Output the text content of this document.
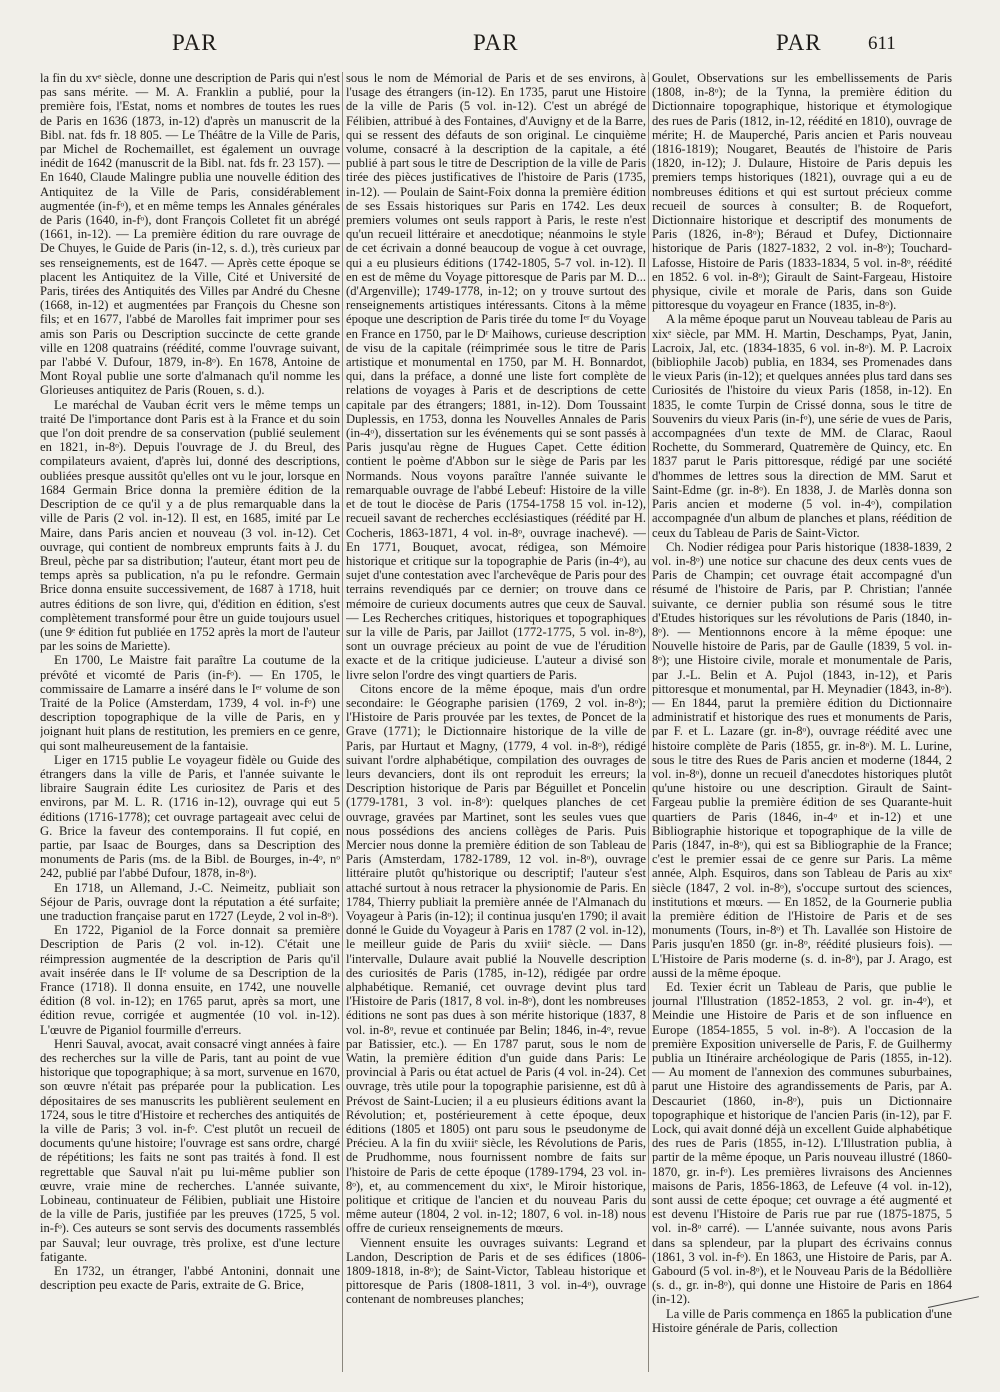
PAR	PAR	PAR 611

la fin du xvᵉ siècle, donne une description de Paris qui n'est pas sans mérite. — M. A. Franklin a publié, pour la première fois, l'Estat, noms et nombres de toutes les rues de Paris en 1636 (1873, in-12) d'après un manuscrit de la Bibl. nat. fds fr. 18 805. — Le Théâtre de la Ville de Paris, par Michel de Rochemaillet, est également un ouvrage inédit de 1642 (manuscrit de la Bibl. nat. fds fr. 23 157). — En 1640, Claude Malingre publia une nouvelle édition des Antiquitez de la Ville de Paris, considérablement augmentée (in-fᵒ), et en même temps les Annales générales de Paris (1640, in-fᵒ), dont François Colletet fit un abrégé (1661, in-12). — La première édition du rare ouvrage de De Chuyes, le Guide de Paris (in-12, s. d.), très curieux par ses renseignements, est de 1647. — Après cette époque se placent les Antiquitez de la Ville, Cité et Université de Paris, tirées des Antiquités des Villes par André du Chesne (1668, in-12) et augmentées par François du Chesne son fils; et en 1677, l'abbé de Marolles fait imprimer pour ses amis son Paris ou Description succincte de cette grande ville en 1208 quatrains (réédité, comme l'ouvrage suivant, par l'abbé V. Dufour, 1879, in-8ᵒ). En 1678, Antoine de Mont Royal publie une sorte d'almanach qu'il nomme les Glorieuses antiquitez de Paris (Rouen, s. d.).

Le maréchal de Vauban écrit vers le même temps un traité De l'importance dont Paris est à la France et du soin que l'on doit prendre de sa conservation (publié seulement en 1821, in-8ᵒ). Depuis l'ouvrage de J. du Breul, des compilateurs avaient, d'après lui, donné des descriptions, oubliées presque aussitôt qu'elles ont vu le jour, lorsque en 1684 Germain Brice donna la première édition de la Description de ce qu'il y a de plus remarquable dans la ville de Paris (2 vol. in-12). Il est, en 1685, imité par Le Maire, dans Paris ancien et nouveau (3 vol. in-12). Cet ouvrage, qui contient de nombreux emprunts faits à J. du Breul, pèche par sa distribution; l'auteur, étant mort peu de temps après sa publication, n'a pu le refondre. Germain Brice donna ensuite successivement, de 1687 à 1718, huit autres éditions de son livre, qui, d'édition en édition, s'est complètement transformé pour être un guide toujours usuel (une 9ᵉ édition fut publiée en 1752 après la mort de l'auteur par les soins de Mariette).

En 1700, Le Maistre fait paraître La coutume de la prévôté et vicomté de Paris (in-fᵒ). — En 1705, le commissaire de Lamarre a inséré dans le Iᵉʳ volume de son Traité de la Police (Amsterdam, 1739, 4 vol. in-fᵒ) une description topographique de la ville de Paris, en y joignant huit plans de restitution, les premiers en ce genre, qui sont malheureusement de la fantaisie.

Liger en 1715 publie Le voyageur fidèle ou Guide des étrangers dans la ville de Paris, et l'année suivante le libraire Saugrain édite Les curiositez de Paris et des environs, par M. L. R. (1716 in-12), ouvrage qui eut 5 éditions (1716-1778); cet ouvrage partageait avec celui de G. Brice la faveur des contemporains. Il fut copié, en partie, par Isaac de Bourges, dans sa Description des monuments de Paris (ms. de la Bibl. de Bourges, in-4ᵒ, nᵒ 242, publié par l'abbé Dufour, 1878, in-8ᵒ).

En 1718, un Allemand, J.-C. Neimeitz, publiait son Séjour de Paris, ouvrage dont la réputation a été surfaite; une traduction française parut en 1727 (Leyde, 2 vol in-8ᵒ).

En 1722, Piganiol de la Force donnait sa première Description de Paris (2 vol. in-12). C'était une réimpression augmentée de la description de Paris qu'il avait insérée dans le IIᵉ volume de sa Description de la France (1718). Il donna ensuite, en 1742, une nouvelle édition (8 vol. in-12); en 1765 parut, après sa mort, une édition revue, corrigée et augmentée (10 vol. in-12). L'œuvre de Piganiol fourmille d'erreurs.

Henri Sauval, avocat, avait consacré vingt années à faire des recherches sur la ville de Paris, tant au point de vue historique que topographique; à sa mort, survenue en 1670, son œuvre n'était pas préparée pour la publication. Les dépositaires de ses manuscrits les publièrent seulement en 1724, sous le titre d'Histoire et recherches des antiquités de la ville de Paris; 3 vol. in-fᵒ. C'est plutôt un recueil de documents qu'une histoire; l'ouvrage est sans ordre, chargé de répétitions; les faits ne sont pas traités à fond. Il est regrettable que Sauval n'ait pu lui-même publier son œuvre, vraie mine de recherches. L'année suivante, Lobineau, continuateur de Félibien, publiait une Histoire de la ville de Paris, justifiée par les preuves (1725, 5 vol. in-fᵒ). Ces auteurs se sont servis des documents rassemblés par Sauval; leur ouvrage, très prolixe, est d'une lecture fatigante.

En 1732, un étranger, l'abbé Antonini, donnait une description peu exacte de Paris, extraite de G. Brice,

sous le nom de Mémorial de Paris et de ses environs, à l'usage des étrangers (in-12). En 1735, parut une Histoire de la ville de Paris (5 vol. in-12). C'est un abrégé de Félibien, attribué à des Fontaines, d'Auvigny et de la Barre, qui se ressent des défauts de son original. Le cinquième volume, consacré à la description de la capitale, a été publié à part sous le titre de Description de la ville de Paris tirée des pièces justificatives de l'histoire de Paris (1735, in-12). — Poulain de Saint-Foix donna la première édition de ses Essais historiques sur Paris en 1742. Les deux premiers volumes ont seuls rapport à Paris, le reste n'est qu'un recueil littéraire et anecdotique; néanmoins le style de cet écrivain a donné beaucoup de vogue à cet ouvrage, qui a eu plusieurs éditions (1742-1805, 5-7 vol. in-12). Il en est de même du Voyage pittoresque de Paris par M. D... (d'Argenville); 1749-1778, in-12; on y trouve surtout des renseignements artistiques intéressants. Citons à la même époque une description de Paris tirée du tome Iᵉʳ du Voyage en France en 1750, par le Dʳ Maihows, curieuse description de visu de la capitale (réimprimée sous le titre de Paris artistique et monumental en 1750, par M. H. Bonnardot, qui, dans la préface, a donné une liste fort complète de relations de voyages à Paris et de descriptions de cette capitale par des étrangers; 1881, in-12). Dom Toussaint Duplessis, en 1753, donna les Nouvelles Annales de Paris (in-4ᵒ), dissertation sur les événements qui se sont passés à Paris jusqu'au règne de Hugues Capet. Cette édition contient le poème d'Abbon sur le siège de Paris par les Normands. Nous voyons paraître l'année suivante le remarquable ouvrage de l'abbé Lebeuf: Histoire de la ville et de tout le diocèse de Paris (1754-1758 15 vol. in-12), recueil savant de recherches ecclésiastiques (réédité par H. Cocheris, 1863-1871, 4 vol. in-8ᵒ, ouvrage inachevé). — En 1771, Bouquet, avocat, rédigea, son Mémoire historique et critique sur la topographie de Paris (in-4ᵒ), au sujet d'une contestation avec l'archevêque de Paris pour des terrains revendiqués par ce dernier; on trouve dans ce mémoire de curieux documents autres que ceux de Sauval. — Les Recherches critiques, historiques et topographiques sur la ville de Paris, par Jaillot (1772-1775, 5 vol. in-8ᵒ), sont un ouvrage précieux au point de vue de l'érudition exacte et de la critique judicieuse. L'auteur a divisé son livre selon l'ordre des vingt quartiers de Paris.

Citons encore de la même époque, mais d'un ordre secondaire: le Géographe parisien (1769, 2 vol. in-8ᵒ); l'Histoire de Paris prouvée par les textes, de Poncet de la Grave (1771); le Dictionnaire historique de la ville de Paris, par Hurtaut et Magny, (1779, 4 vol. in-8ᵒ), rédigé suivant l'ordre alphabétique, compilation des ouvrages de leurs devanciers, dont ils ont reproduit les erreurs; la Description historique de Paris par Béguillet et Poncelin (1779-1781, 3 vol. in-8ᵒ): quelques planches de cet ouvrage, gravées par Martinet, sont les seules vues que nous possédions des anciens collèges de Paris. Puis Mercier nous donne la première édition de son Tableau de Paris (Amsterdam, 1782-1789, 12 vol. in-8ᵒ), ouvrage littéraire plutôt qu'historique ou descriptif; l'auteur s'est attaché surtout à nous retracer la physionomie de Paris. En 1784, Thierry publiait la première année de l'Almanach du Voyageur à Paris (in-12); il continua jusqu'en 1790; il avait donné le Guide du Voyageur à Paris en 1787 (2 vol. in-12), le meilleur guide de Paris du xviiiᵉ siècle. — Dans l'intervalle, Dulaure avait publié la Nouvelle description des curiosités de Paris (1785, in-12), rédigée par ordre alphabétique. Remanié, cet ouvrage devint plus tard l'Histoire de Paris (1817, 8 vol. in-8ᵒ), dont les nombreuses éditions ne sont pas dues à son mérite historique (1837, 8 vol. in-8ᵒ, revue et continuée par Belin; 1846, in-4ᵒ, revue par Batissier, etc.). — En 1787 parut, sous le nom de Watin, la première édition d'un guide dans Paris: Le provincial à Paris ou état actuel de Paris (4 vol. in-24). Cet ouvrage, très utile pour la topographie parisienne, est dû à Prévost de Saint-Lucien; il a eu plusieurs éditions avant la Révolution; et, postérieurement à cette époque, deux éditions (1805 et 1805) ont paru sous le pseudonyme de Précieu. A la fin du xviiiᵉ siècle, les Révolutions de Paris, de Prudhomme, nous fournissent nombre de faits sur l'histoire de Paris de cette époque (1789-1794, 23 vol. in-8ᵒ), et, au commencement du xixᵉ, le Miroir historique, politique et critique de l'ancien et du nouveau Paris du même auteur (1804, 2 vol. in-12; 1807, 6 vol. in-18) nous offre de curieux renseignements de mœurs.

Viennent ensuite les ouvrages suivants: Legrand et Landon, Description de Paris et de ses édifices (1806-1809-1818, in-8ᵒ); de Saint-Victor, Tableau historique et pittoresque de Paris (1808-1811, 3 vol. in-4ᵒ), ouvrage contenant de nombreuses planches;

Goulet, Observations sur les embellissements de Paris (1808, in-8ᵒ); de la Tynna, la première édition du Dictionnaire topographique, historique et étymologique des rues de Paris (1812, in-12, réédité en 1810), ouvrage de mérite; H. de Mauperché, Paris ancien et Paris nouveau (1816-1819); Nougaret, Beautés de l'histoire de Paris (1820, in-12); J. Dulaure, Histoire de Paris depuis les premiers temps historiques (1821), ouvrage qui a eu de nombreuses éditions et qui est surtout précieux comme recueil de sources à consulter; B. de Roquefort, Dictionnaire historique et descriptif des monuments de Paris (1826, in-8ᵒ); Béraud et Dufey, Dictionnaire historique de Paris (1827-1832, 2 vol. in-8ᵒ); Touchard-Lafosse, Histoire de Paris (1833-1834, 5 vol. in-8ᵒ, réédité en 1852. 6 vol. in-8ᵒ); Girault de Saint-Fargeau, Histoire physique, civile et morale de Paris, dans son Guide pittoresque du voyageur en France (1835, in-8ᵒ).

A la même époque parut un Nouveau tableau de Paris au xixᵉ siècle, par MM. H. Martin, Deschamps, Pyat, Janin, Lacroix, Jal, etc. (1834-1835, 6 vol. in-8ᵒ). M. P. Lacroix (bibliophile Jacob) publia, en 1834, ses Promenades dans le vieux Paris (in-12); et quelques années plus tard dans ses Curiosités de l'histoire du vieux Paris (1858, in-12). En 1835, le comte Turpin de Crissé donna, sous le titre de Souvenirs du vieux Paris (in-fᵒ), une série de vues de Paris, accompagnées d'un texte de MM. de Clarac, Raoul Rochette, du Sommerard, Quatremère de Quincy, etc. En 1837 parut le Paris pittoresque, rédigé par une société d'hommes de lettres sous la direction de MM. Sarut et Saint-Edme (gr. in-8ᵒ). En 1838, J. de Marlès donna son Paris ancien et moderne (5 vol. in-4ᵒ), compilation accompagnée d'un album de planches et plans, réédition de ceux du Tableau de Paris de Saint-Victor.

Ch. Nodier rédigea pour Paris historique (1838-1839, 2 vol. in-8ᵒ) une notice sur chacune des deux cents vues de Paris de Champin; cet ouvrage était accompagné d'un résumé de l'histoire de Paris, par P. Christian; l'année suivante, ce dernier publia son résumé sous le titre d'Etudes historiques sur les révolutions de Paris (1840, in-8ᵒ). — Mentionnons encore à la même époque: une Nouvelle histoire de Paris, par de Gaulle (1839, 5 vol. in-8ᵒ); une Histoire civile, morale et monumentale de Paris, par J.-L. Belin et A. Pujol (1843, in-12), et Paris pittoresque et monumental, par H. Meynadier (1843, in-8ᵒ). — En 1844, parut la première édition du Dictionnaire administratif et historique des rues et monuments de Paris, par F. et L. Lazare (gr. in-8ᵒ), ouvrage réédité avec une histoire complète de Paris (1855, gr. in-8ᵒ). M. L. Lurine, sous le titre des Rues de Paris ancien et moderne (1844, 2 vol. in-8ᵒ), donne un recueil d'anecdotes historiques plutôt qu'une histoire ou une description. Girault de Saint-Fargeau publie la première édition de ses Quarante-huit quartiers de Paris (1846, in-4ᵒ et in-12) et une Bibliographie historique et topographique de la ville de Paris (1847, in-8ᵒ), qui est sa Bibliographie de la France; c'est le premier essai de ce genre sur Paris. La même année, Alph. Esquiros, dans son Tableau de Paris au xixᵉ siècle (1847, 2 vol. in-8ᵒ), s'occupe surtout des sciences, institutions et mœurs. — En 1852, de la Gournerie publia la première édition de l'Histoire de Paris et de ses monuments (Tours, in-8ᵒ) et Th. Lavallée son Histoire de Paris jusqu'en 1850 (gr. in-8ᵒ, réédité plusieurs fois). — L'Histoire de Paris moderne (s. d. in-8ᵒ), par J. Arago, est aussi de la même époque.

Ed. Texier écrit un Tableau de Paris, que publie le journal l'Illustration (1852-1853, 2 vol. gr. in-4ᵒ), et Meindie une Histoire de Paris et de son influence en Europe (1854-1855, 5 vol. in-8ᵒ). A l'occasion de la première Exposition universelle de Paris, F. de Guilhermy publia un Itinéraire archéologique de Paris (1855, in-12). — Au moment de l'annexion des communes suburbaines, parut une Histoire des agrandissements de Paris, par A. Descauriet (1860, in-8ᵒ), puis un Dictionnaire topographique et historique de l'ancien Paris (in-12), par F. Lock, qui avait donné déjà un excellent Guide alphabétique des rues de Paris (1855, in-12). L'Illustration publia, à partir de la même époque, un Paris nouveau illustré (1860-1870, gr. in-fᵒ). Les premières livraisons des Anciennes maisons de Paris, 1856-1863, de Lefeuve (4 vol. in-12), sont aussi de cette époque; cet ouvrage a été augmenté et est devenu l'Histoire de Paris rue par rue (1875-1875, 5 vol. in-8ᵒ carré). — L'année suivante, nous avons Paris dans sa splendeur, par la plupart des écrivains connus (1861, 3 vol. in-fᵒ). En 1863, une Histoire de Paris, par A. Gabourd (5 vol. in-8ᵒ), et le Nouveau Paris de la Bédollière (s. d., gr. in-8ᵒ), qui donne une Histoire de Paris en 1864 (in-12).

La ville de Paris commença en 1865 la publication d'une Histoire générale de Paris, collection
